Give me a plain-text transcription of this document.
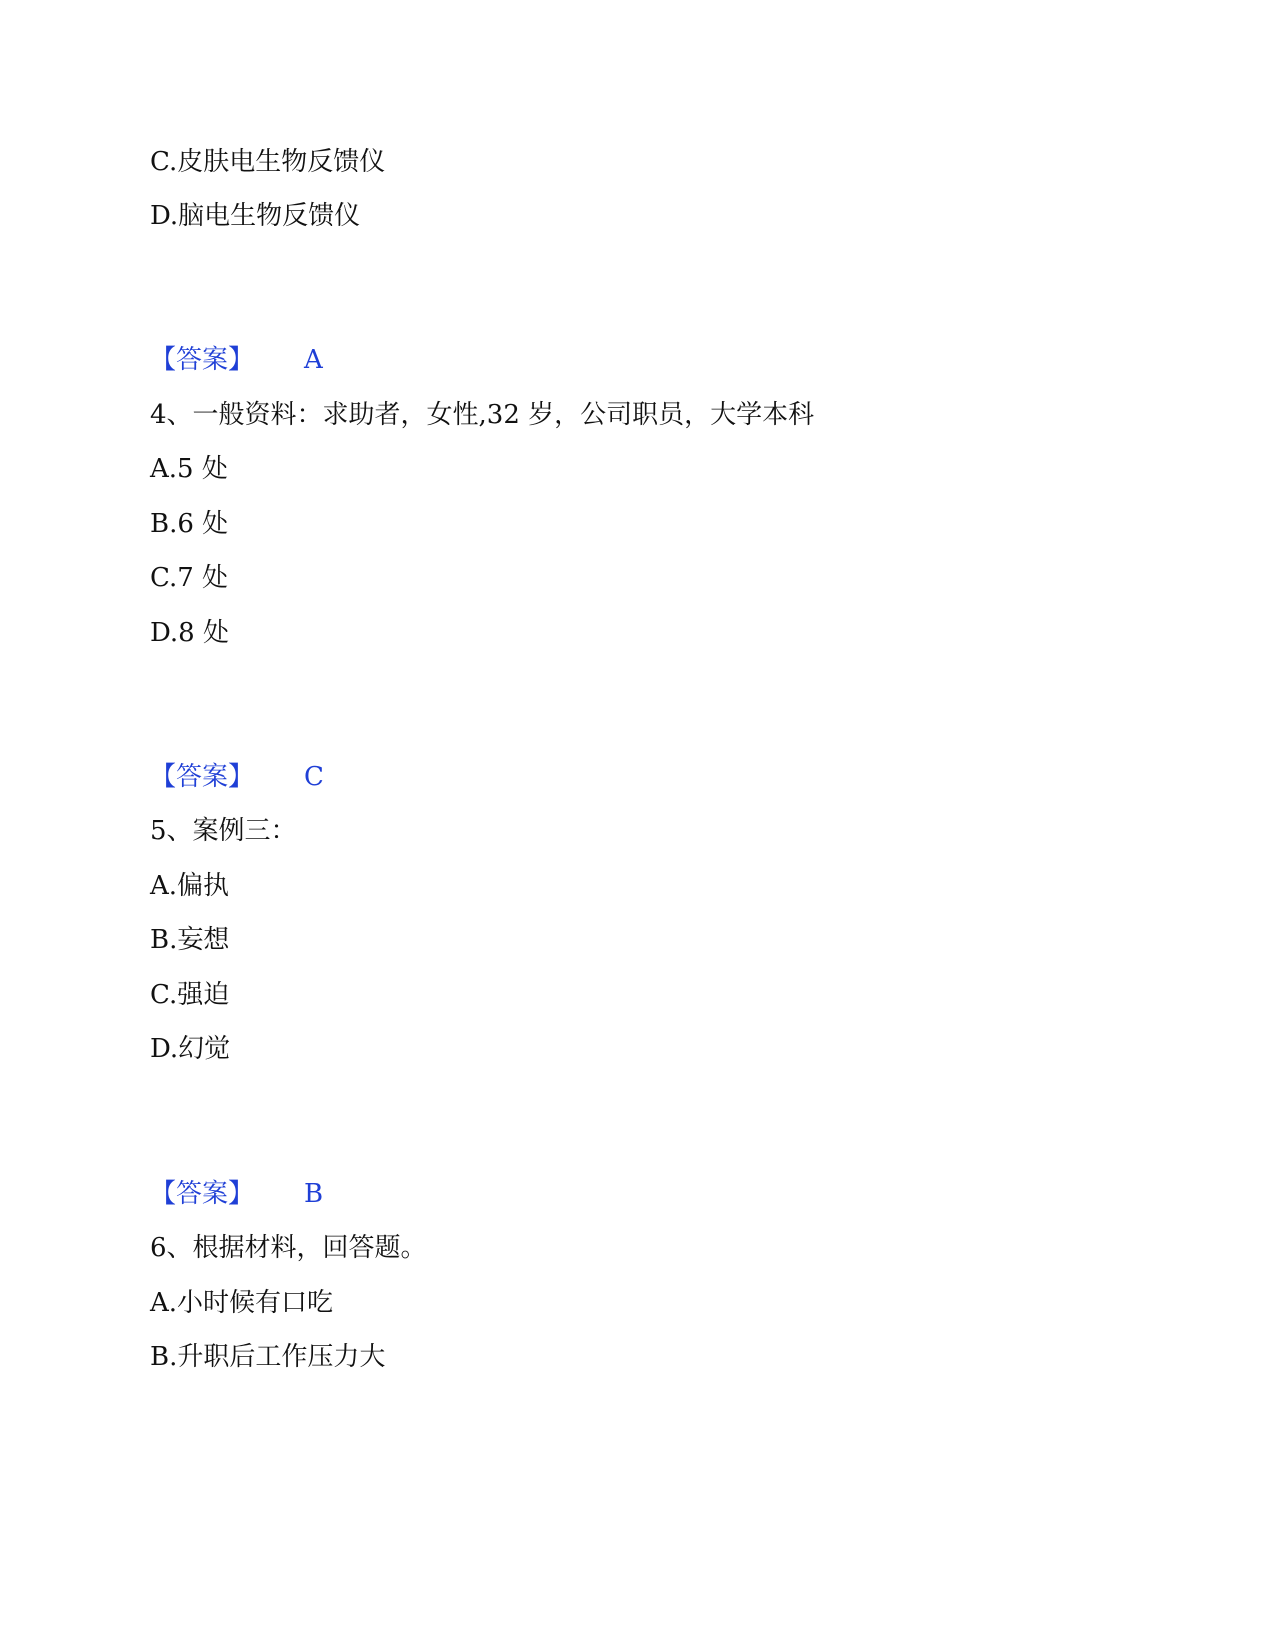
C.皮肤电生物反馈仪
D.脑电生物反馈仪
【答案】 A
4、一般资料：求助者，女性,32 岁，公司职员，大学本科
A.5 处
B.6 处
C.7 处
D.8 处
【答案】 C
5、案例三：
A.偏执
B.妄想
C.强迫
D.幻觉
【答案】 B
6、根据材料，回答题。
A.小时候有口吃
B.升职后工作压力大
